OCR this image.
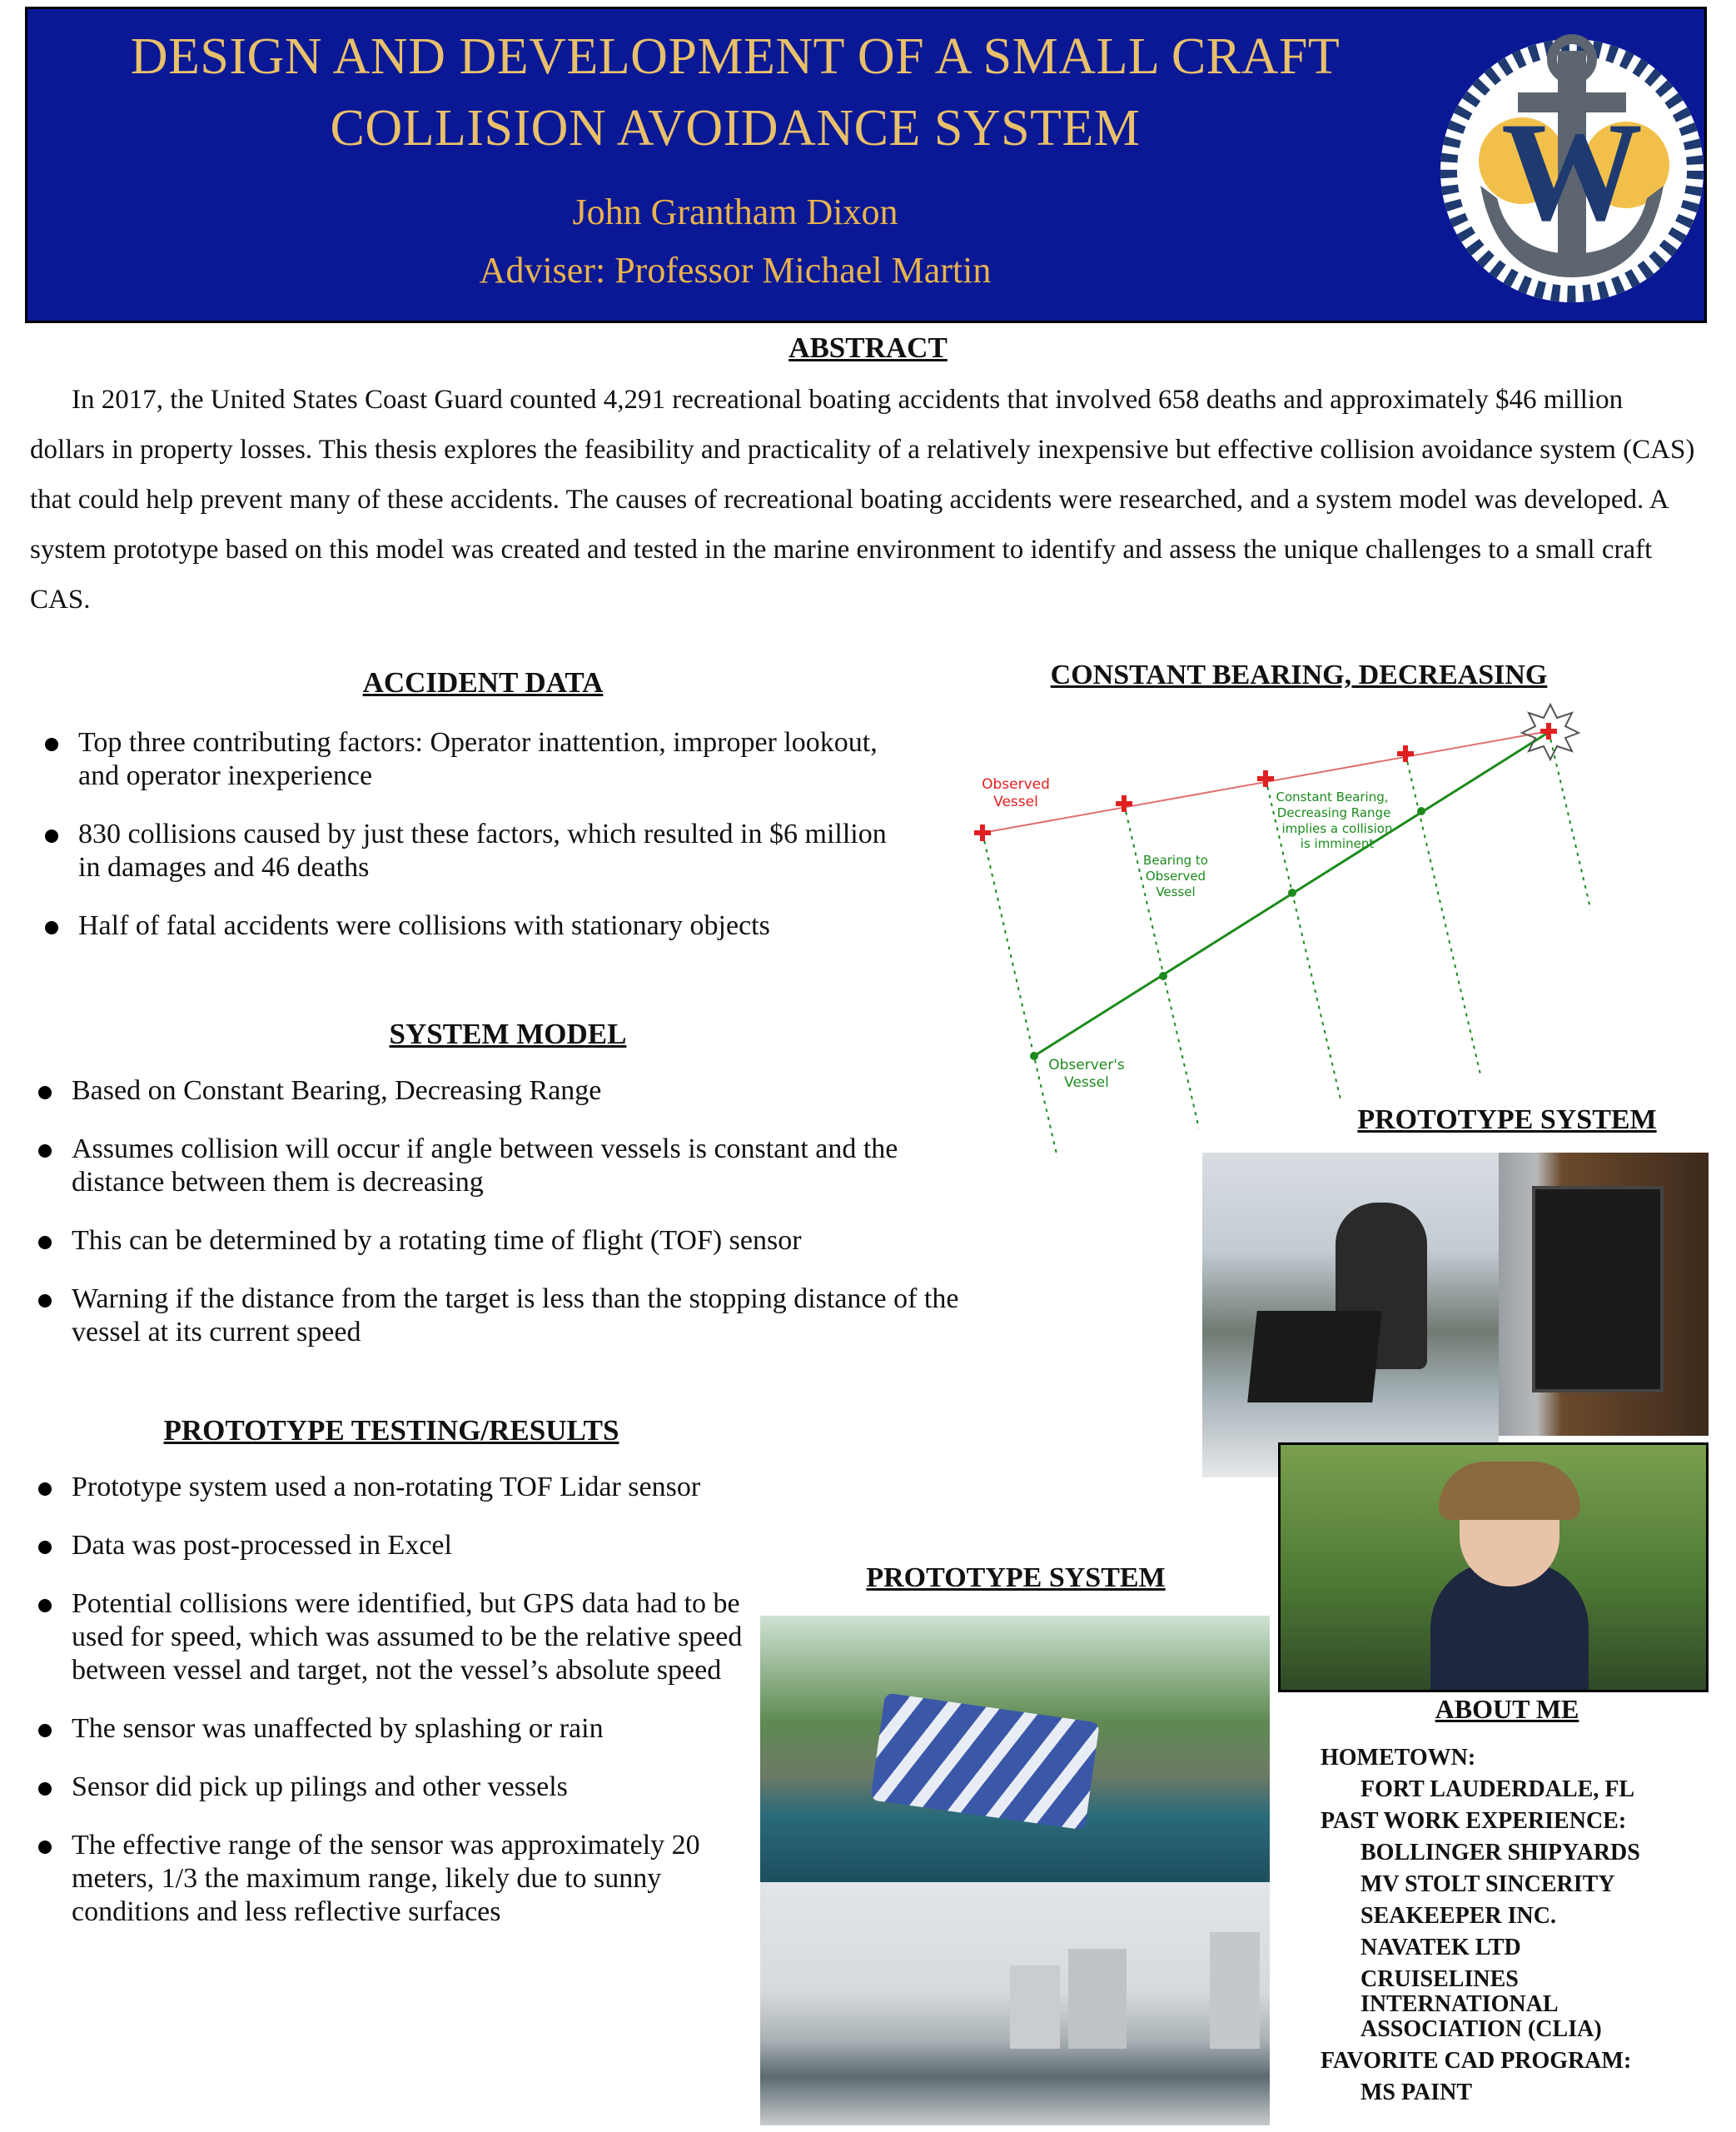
DESIGN AND DEVELOPMENT OF A SMALL CRAFT
COLLISION AVOIDANCE SYSTEM
John Grantham Dixon
Adviser: Professor Michael Martin
W
ABSTRACT
In 2017, the United States Coast Guard counted 4,291 recreational boating accidents that involved 658 deaths and approximately $46 million dollars in property losses. This thesis explores the feasibility and practicality of a relatively inexpensive but effective collision avoidance system (CAS) that could help prevent many of these accidents. The causes of recreational boating accidents were researched, and a system model was developed. A system prototype based on this model was created and tested in the marine environment to identify and assess the unique challenges to a small craft CAS.
ACCIDENT DATA
Top three contributing factors: Operator inattention, improper lookout, and operator inexperience
830 collisions caused by just these factors, which resulted in $6 million in damages and 46 deaths
Half of fatal accidents were collisions with stationary objects
SYSTEM MODEL
Based on Constant Bearing, Decreasing Range
Assumes collision will occur if angle between vessels is constant and the distance between them is decreasing
This can be determined by a rotating time of flight (TOF) sensor
Warning if the distance from the target is less than the stopping distance of the vessel at its current speed
PROTOTYPE TESTING/RESULTS
Prototype system used a non-rotating TOF Lidar sensor
Data was post-processed in Excel
Potential collisions were identified, but GPS data had to be used for speed, which was assumed to be the relative speed between vessel and target, not the vessel’s absolute speed
The sensor was unaffected by splashing or rain
Sensor did pick up pilings and other vessels
The effective range of the sensor was approximately 20 meters, 1/3 the maximum range, likely due to sunny conditions and less reflective surfaces
CONSTANT BEARING, DECREASING
Observed
Vessel
Bearing to
Observed
Vessel
Constant Bearing,
Decreasing Range
implies a collision
is imminent
Observer's
Vessel
PROTOTYPE SYSTEM
PROTOTYPE SYSTEM
ABOUT ME
HOMETOWN:
FORT LAUDERDALE, FL
PAST WORK EXPERIENCE:
BOLLINGER SHIPYARDS
MV STOLT SINCERITY
SEAKEEPER INC.
NAVATEK LTD
CRUISELINES
INTERNATIONAL
ASSOCIATION (CLIA)
FAVORITE CAD PROGRAM:
MS PAINT
